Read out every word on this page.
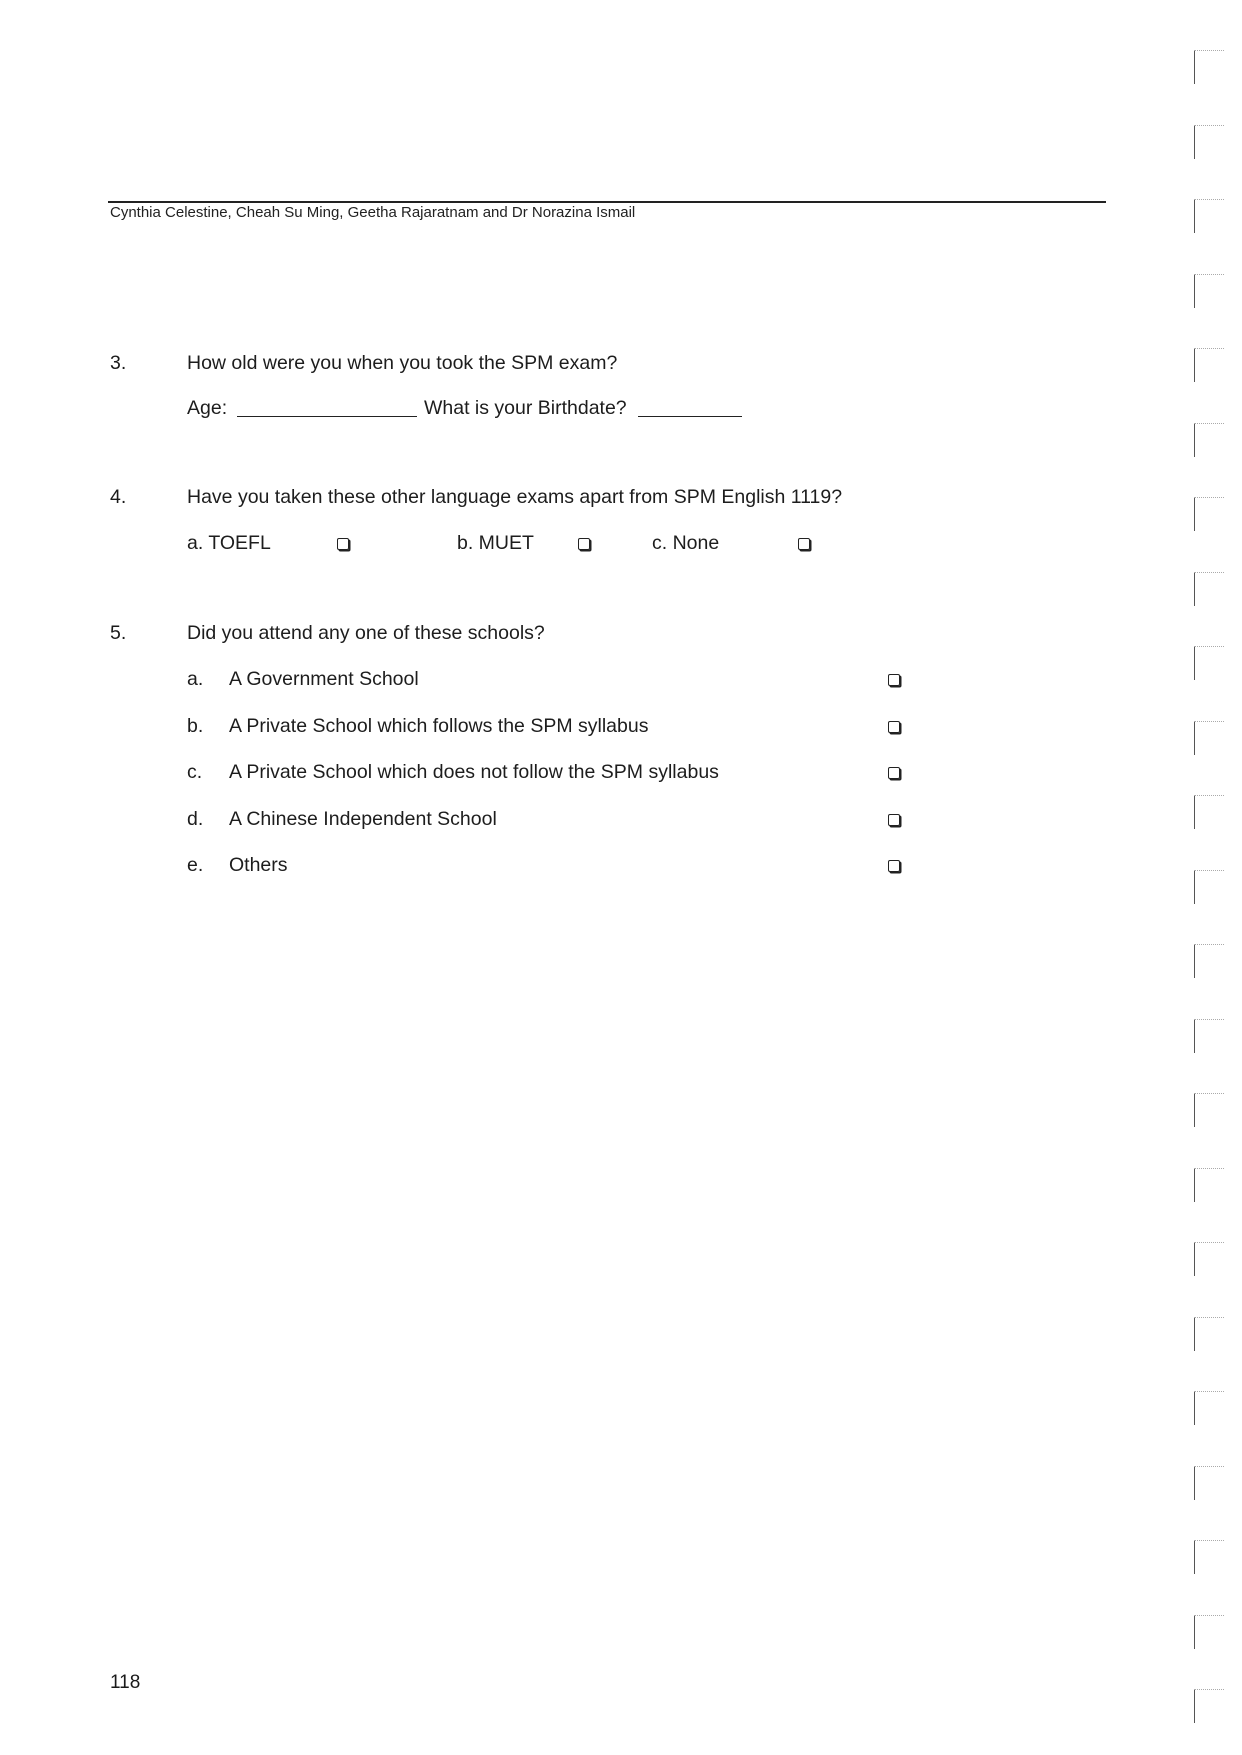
Cynthia Celestine, Cheah Su Ming, Geetha Rajaratnam and Dr Norazina Ismail
3.	How old were you when you took the SPM exam?
Age:	What is your Birthdate?
4.	Have you taken these other language exams apart from SPM English 1119?
a. TOEFL	b. MUET	c. None
5.	Did you attend any one of these schools?
a. A Government School
b. A Private School which follows the SPM syllabus
c. A Private School which does not follow the SPM syllabus
d. A Chinese Independent School
e. Others
118
